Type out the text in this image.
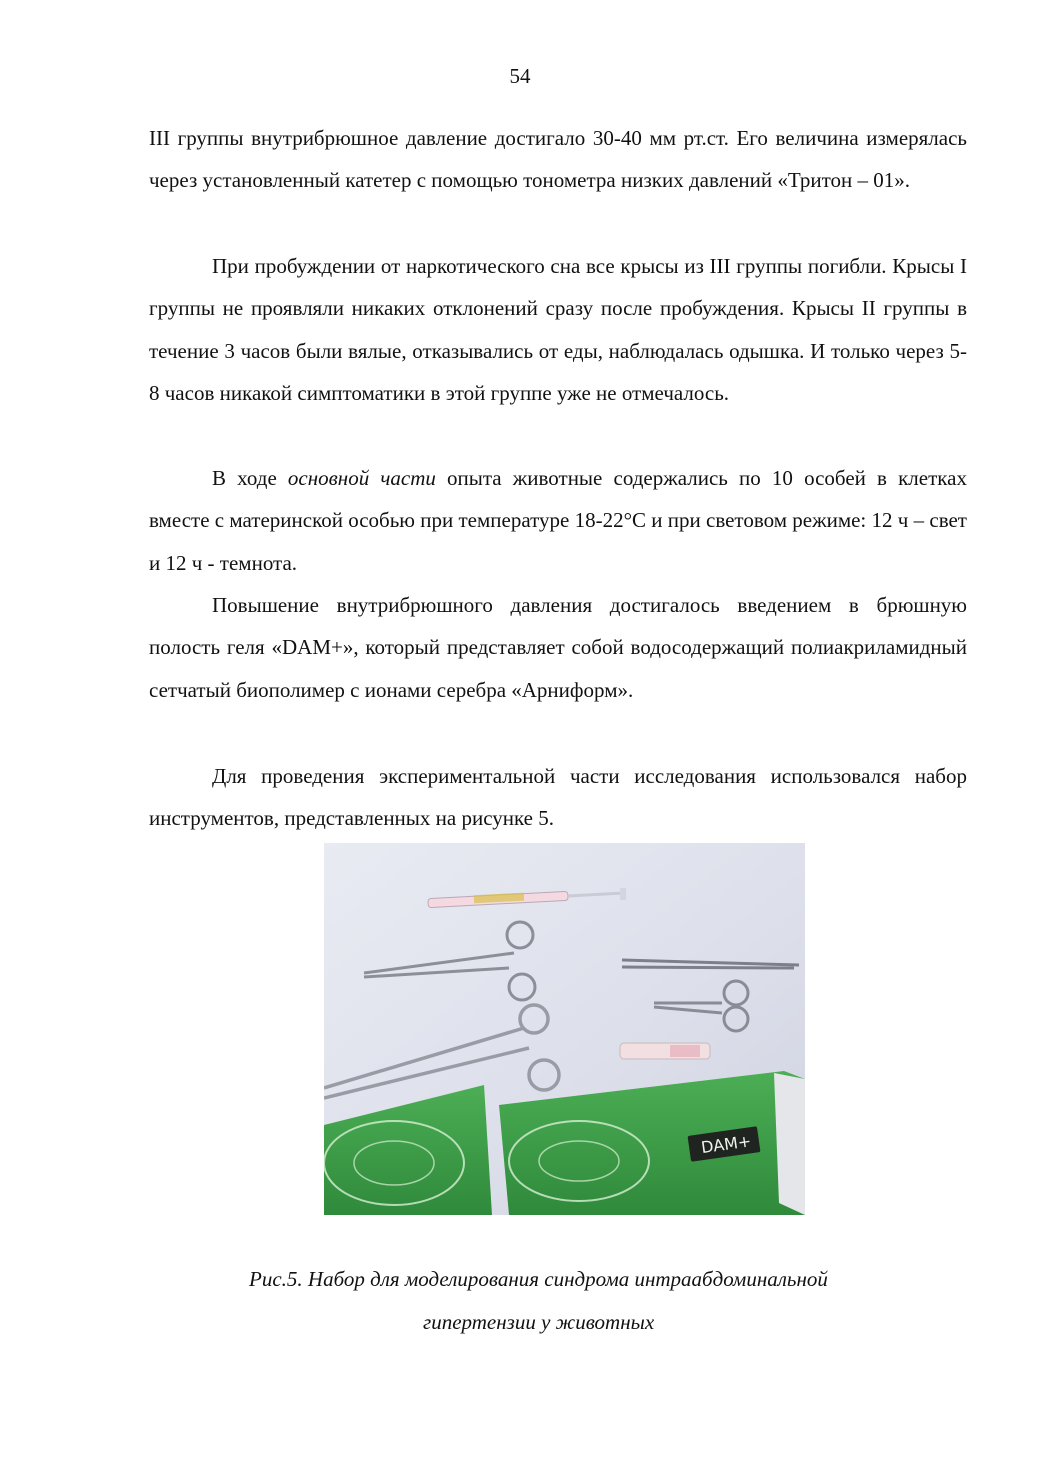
54

III группы внутрибрюшное давление достигало 30-40 мм рт.ст. Его величина измерялась через установленный катетер с помощью тонометра низких давлений «Тритон – 01».

При пробуждении от наркотического сна все крысы из III группы погибли. Крысы I группы не проявляли никаких отклонений сразу после пробуждения. Крысы II группы в течение 3 часов были вялые, отказывались от еды, наблюдалась одышка. И только через 5-8 часов никакой симптоматики в этой группе уже не отмечалось.

В ходе основной части опыта животные содержались по 10 особей в клетках вместе с материнской особью при температуре 18-22°С и при световом режиме: 12 ч – свет и 12 ч - темнота.

Повышение внутрибрюшного давления достигалось введением в брюшную полость геля «DAM+», который представляет собой водосодержащий полиакриламидный сетчатый биополимер с ионами серебра «Арниформ».

Для проведения экспериментальной части исследования использовался набор инструментов, представленных на рисунке 5.

DAM+
Рис.5. Набор для моделирования синдрома интраабдоминальной
гипертензии у животных
